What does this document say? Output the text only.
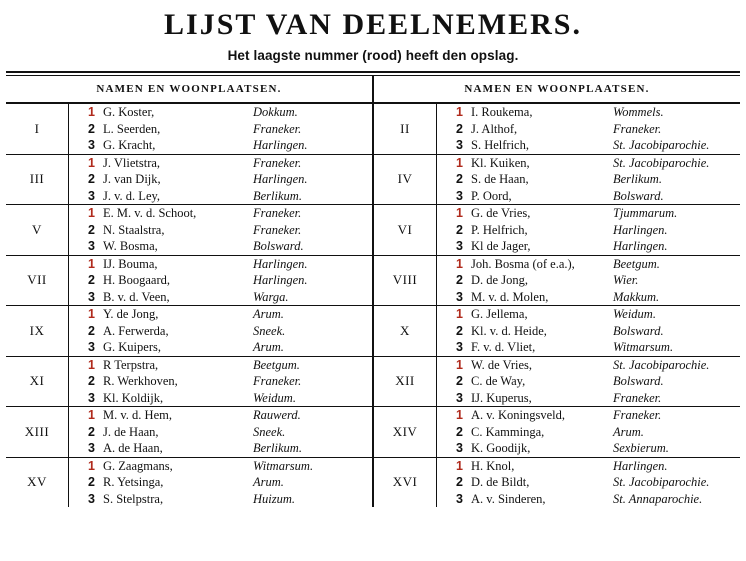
LIJST VAN DEELNEMERS.
Het laagste nummer (rood) heeft den opslag.
NAMEN EN WOONPLAATSEN.
I	
1	G. Koster,	Dokkum.
2	L. Seerden,	Franeker.
3	G. Kracht,	Harlingen.

III	
1	J. Vlietstra,	Franeker.
2	J. van Dijk,	Harlingen.
3	J. v. d. Ley,	Berlikum.

V	
1	E. M. v. d. Schoot,	Franeker.
2	N. Staalstra,	Franeker.
3	W. Bosma,	Bolsward.

VII	
1	IJ. Bouma,	Harlingen.
2	H. Boogaard,	Harlingen.
3	B. v. d. Veen,	Warga.

IX	
1	Y. de Jong,	Arum.
2	A. Ferwerda,	Sneek.
3	G. Kuipers,	Arum.

XI	
1	R Terpstra,	Beetgum.
2	R. Werkhoven,	Franeker.
3	Kl. Koldijk,	Weidum.

XIII	
1	M. v. d. Hem,	Rauwerd.
2	J. de Haan,	Sneek.
3	A. de Haan,	Berlikum.

XV	
1	G. Zaagmans,	Witmarsum.
2	R. Yetsinga,	Arum.
3	S. Stelpstra,	Huizum.

NAMEN EN WOONPLAATSEN.
II	
1	I. Roukema,	Wommels.
2	J. Althof,	Franeker.
3	S. Helfrich,	St. Jacobiparochie.

IV	
1	Kl. Kuiken,	St. Jacobiparochie.
2	S. de Haan,	Berlikum.
3	P. Oord,	Bolsward.

VI	
1	G. de Vries,	Tjummarum.
2	P. Helfrich,	Harlingen.
3	Kl de Jager,	Harlingen.

VIII	
1	Joh. Bosma (of e.a.),	Beetgum.
2	D. de Jong,	Wier.
3	M. v. d. Molen,	Makkum.

X	
1	G. Jellema,	Weidum.
2	Kl. v. d. Heide,	Bolsward.
3	F. v. d. Vliet,	Witmarsum.

XII	
1	W. de Vries,	St. Jacobiparochie.
2	C. de Way,	Bolsward.
3	IJ. Kuperus,	Franeker.

XIV	
1	A. v. Koningsveld,	Franeker.
2	C. Kamminga,	Arum.
3	K. Goodijk,	Sexbierum.

XVI	
1	H. Knol,	Harlingen.
2	D. de Bildt,	St. Jacobiparochie.
3	A. v. Sinderen,	St. Annaparochie.
